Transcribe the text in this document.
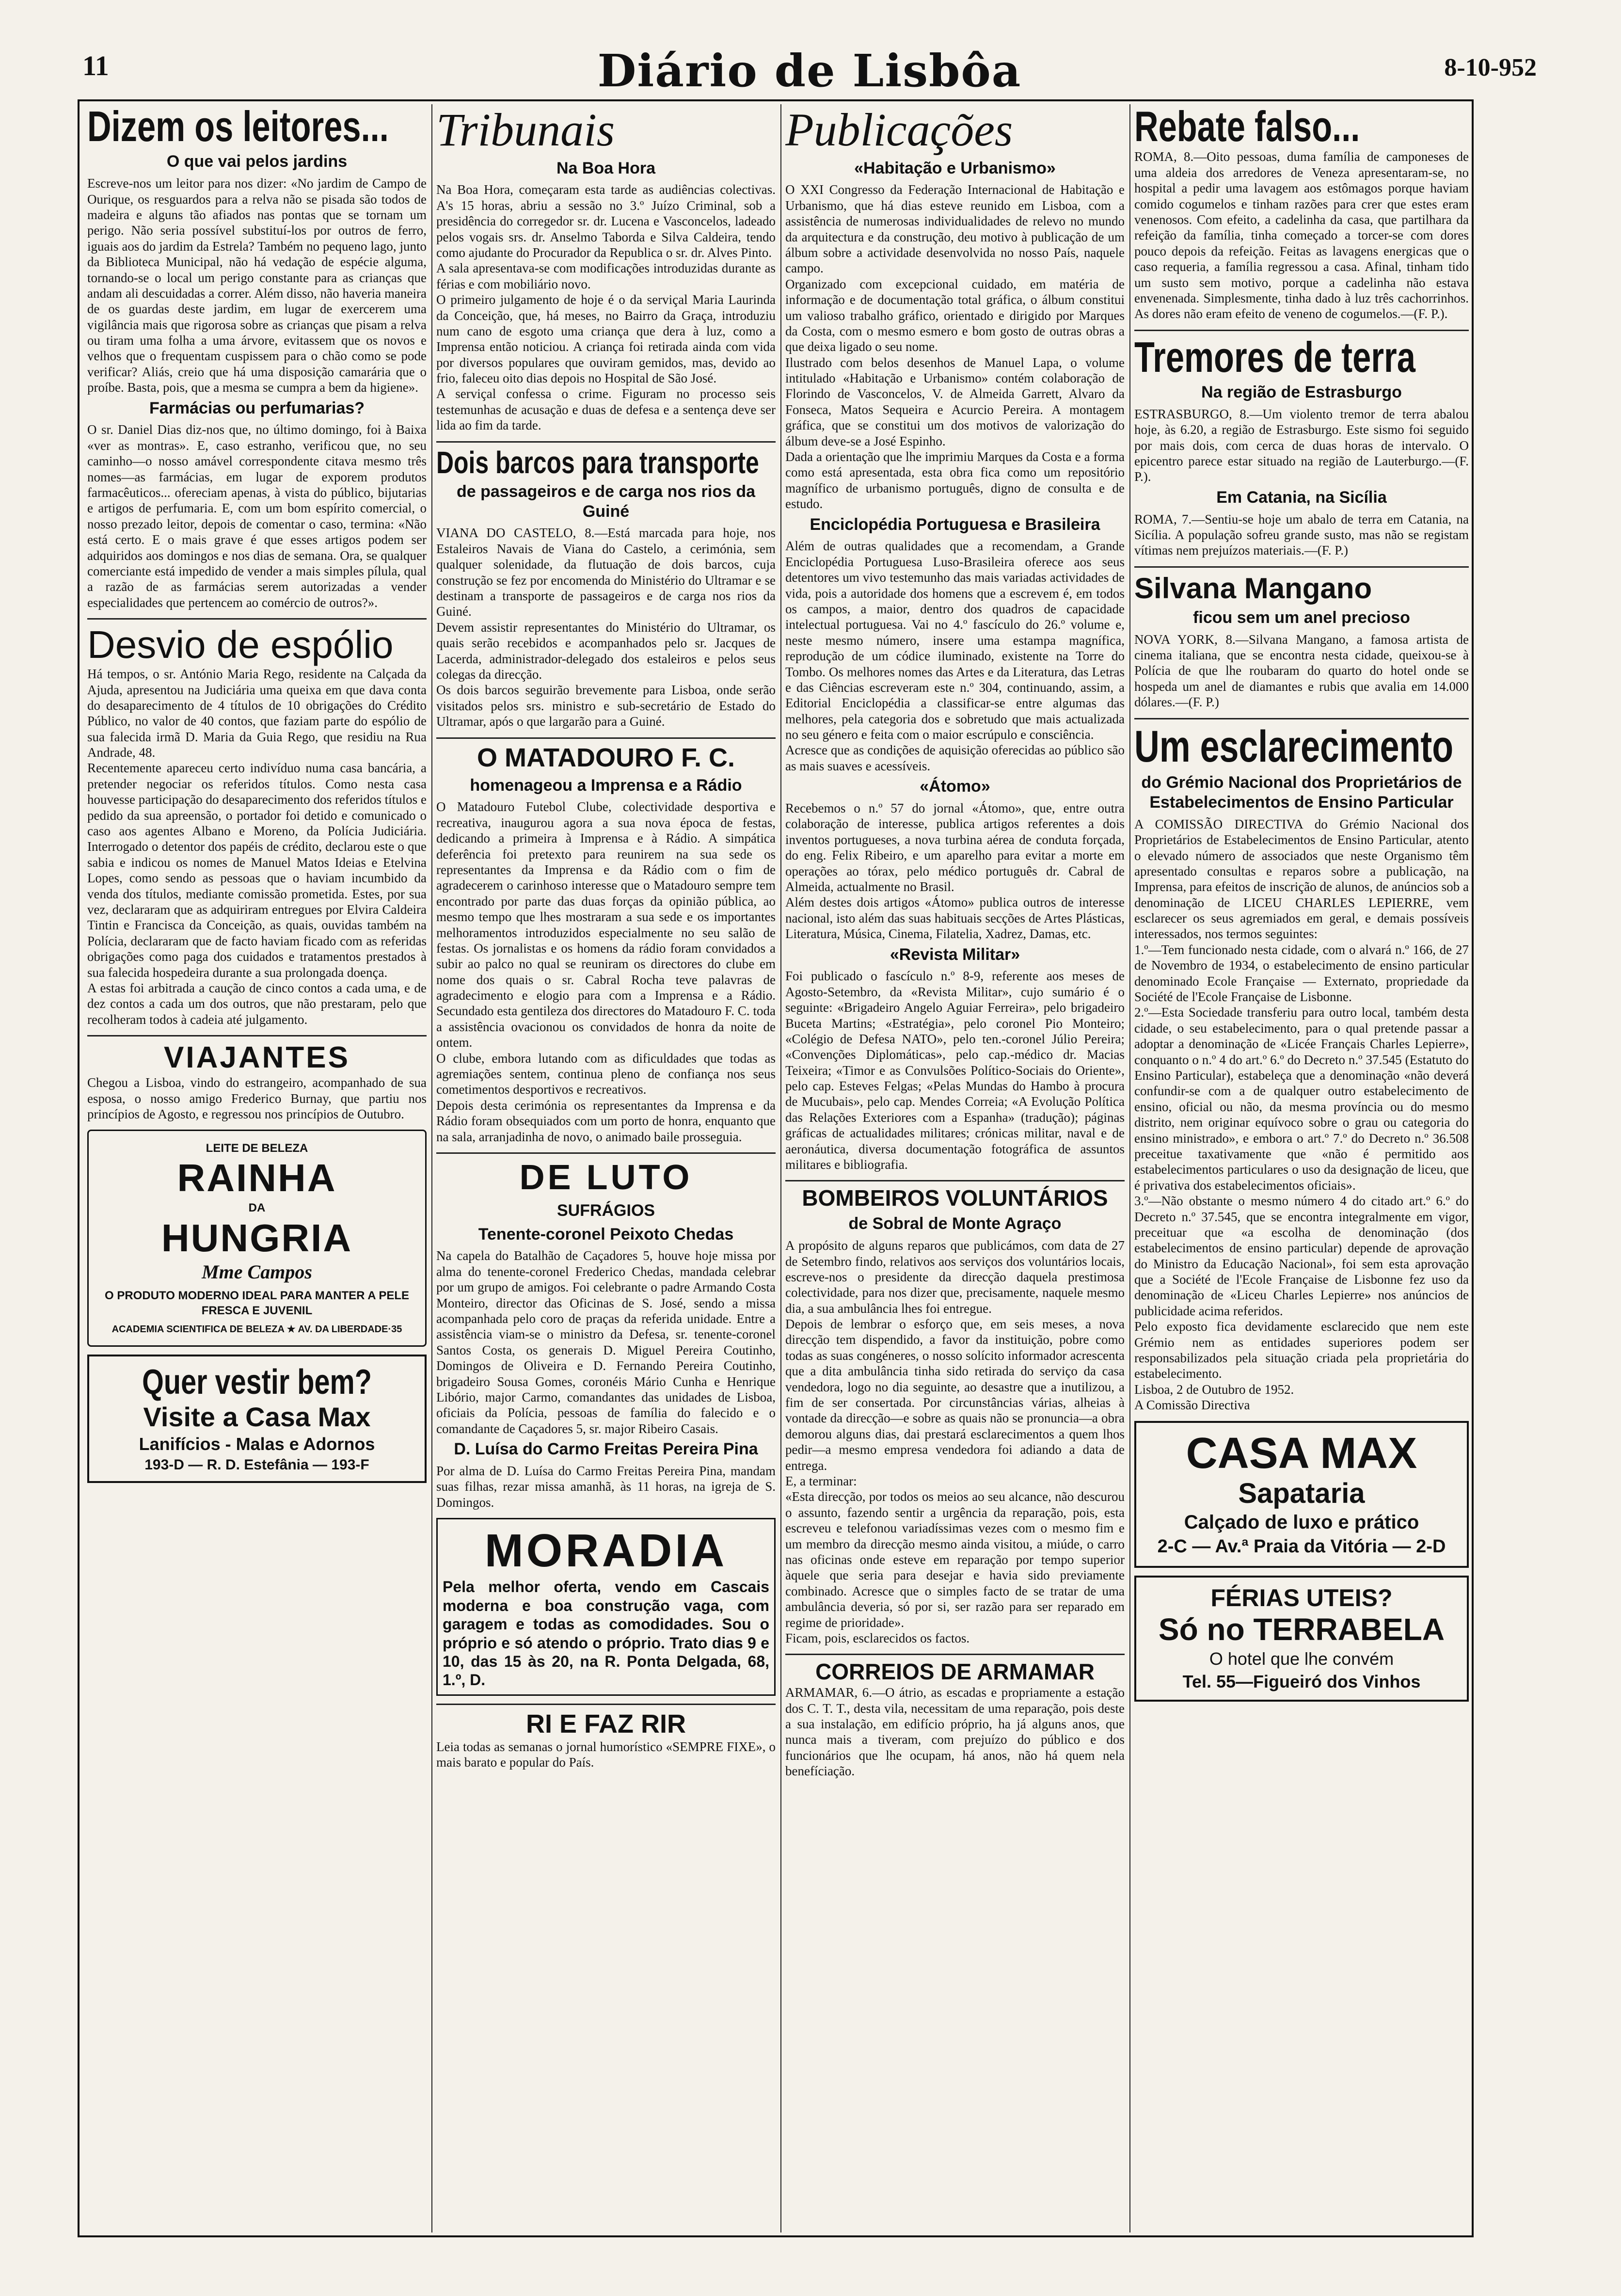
11	Diário de Lisbôa	8-10-952
Dizem os leitores...
O que vai pelos jardins
Escreve-nos um leitor para nos dizer: «No jardim de Campo de Ourique, os resguardos para a relva não se pisada são todos de madeira e alguns tão afiados nas pontas que se tornam um perigo. Não seria possível substituí-los por outros de ferro, iguais aos do jardim da Estrela? Também no pequeno lago, junto da Biblioteca Municipal, não há vedação de espécie alguma, tornando-se o local um perigo constante para as crianças que andam ali descuidadas a correr. Além disso, não haveria maneira de os guardas deste jardim, em lugar de exercerem uma vigilância mais que rigorosa sobre as crianças que pisam a relva ou tiram uma folha a uma árvore, evitassem que os novos e velhos que o frequentam cuspissem para o chão como se pode verificar? Aliás, creio que há uma disposição camarária que o proíbe. Basta, pois, que a mesma se cumpra a bem da higiene».
Farmácias ou perfumarias?
O sr. Daniel Dias diz-nos que, no último domingo, foi à Baixa «ver as montras». E, caso estranho, verificou que, no seu caminho—o nosso amável correspondente citava mesmo três nomes—as farmácias, em lugar de exporem produtos farmacêuticos... ofereciam apenas, à vista do público, bijutarias e artigos de perfumaria. E, com um bom espírito comercial, o nosso prezado leitor, depois de comentar o caso, termina: «Não está certo. E o mais grave é que esses artigos podem ser adquiridos aos domingos e nos dias de semana. Ora, se qualquer comerciante está impedido de vender a mais simples pílula, qual a razão de as farmácias serem autorizadas a vender especialidades que pertencem ao comércio de outros?».
Desvio de espólio
Há tempos, o sr. António Maria Rego, residente na Calçada da Ajuda, apresentou na Judiciária uma queixa em que dava conta do desaparecimento de 4 títulos de 10 obrigações do Crédito Público, no valor de 40 contos, que faziam parte do espólio de sua falecida irmã D. Maria da Guia Rego, que residiu na Rua Andrade, 48.
Recentemente apareceu certo indivíduo numa casa bancária, a pretender negociar os referidos títulos. Como nesta casa houvesse participação do desaparecimento dos referidos títulos e pedido da sua apreensão, o portador foi detido e comunicado o caso aos agentes Albano e Moreno, da Polícia Judiciária. Interrogado o detentor dos papéis de crédito, declarou este o que sabia e indicou os nomes de Manuel Matos Ideias e Etelvina Lopes, como sendo as pessoas que o haviam incumbido da venda dos títulos, mediante comissão prometida. Estes, por sua vez, declararam que as adquiriram entregues por Elvira Caldeira Tintin e Francisca da Conceição, as quais, ouvidas também na Polícia, declararam que de facto haviam ficado com as referidas obrigações como paga dos cuidados e tratamentos prestados à sua falecida hospedeira durante a sua prolongada doença.
A estas foi arbitrada a caução de cinco contos a cada uma, e de dez contos a cada um dos outros, que não prestaram, pelo que recolheram todos à cadeia até julgamento.
VIAJANTES
Chegou a Lisboa, vindo do estrangeiro, acompanhado de sua esposa, o nosso amigo Frederico Burnay, que partiu nos princípios de Agosto, e regressou nos princípios de Outubro.
LEITE DE BELEZA
RAINHA
DA
HUNGRIA
Mme Campos
O PRODUTO MODERNO IDEAL PARA MANTER A PELE FRESCA E JUVENIL
ACADEMIA SCIENTIFICA DE BELEZA ★ AV. DA LIBERDADE·35
Quer vestir bem?
Visite a Casa Max
Lanifícios - Malas e Adornos
193-D — R. D. Estefânia — 193-F
Tribunais
Na Boa Hora
Na Boa Hora, começaram esta tarde as audiências colectivas. A's 15 horas, abriu a sessão no 3.º Juízo Criminal, sob a presidência do corregedor sr. dr. Lucena e Vasconcelos, ladeado pelos vogais srs. dr. Anselmo Taborda e Silva Caldeira, tendo como ajudante do Procurador da Republica o sr. dr. Alves Pinto.
A sala apresentava-se com modificações introduzidas durante as férias e com mobiliário novo.
O primeiro julgamento de hoje é o da serviçal Maria Laurinda da Conceição, que, há meses, no Bairro da Graça, introduziu num cano de esgoto uma criança que dera à luz, como a Imprensa então noticiou. A criança foi retirada ainda com vida por diversos populares que ouviram gemidos, mas, devido ao frio, faleceu oito dias depois no Hospital de São José.
A serviçal confessa o crime. Figuram no processo seis testemunhas de acusação e duas de defesa e a sentença deve ser lida ao fim da tarde.
Dois barcos para transporte
de passageiros e de carga nos rios da Guiné
VIANA DO CASTELO, 8.—Está marcada para hoje, nos Estaleiros Navais de Viana do Castelo, a cerimónia, sem qualquer solenidade, da flutuação de dois barcos, cuja construção se fez por encomenda do Ministério do Ultramar e se destinam a transporte de passageiros e de carga nos rios da Guiné.
Devem assistir representantes do Ministério do Ultramar, os quais serão recebidos e acompanhados pelo sr. Jacques de Lacerda, administrador-delegado dos estaleiros e pelos seus colegas da direcção.
Os dois barcos seguirão brevemente para Lisboa, onde serão visitados pelos srs. ministro e sub-secretário de Estado do Ultramar, após o que largarão para a Guiné.
O MATADOURO F. C.
homenageou a Imprensa e a Rádio
O Matadouro Futebol Clube, colectividade desportiva e recreativa, inaugurou agora a sua nova época de festas, dedicando a primeira à Imprensa e à Rádio. A simpática deferência foi pretexto para reunirem na sua sede os representantes da Imprensa e da Rádio com o fim de agradecerem o carinhoso interesse que o Matadouro sempre tem encontrado por parte das duas forças da opinião pública, ao mesmo tempo que lhes mostraram a sua sede e os importantes melhoramentos introduzidos especialmente no seu salão de festas. Os jornalistas e os homens da rádio foram convidados a subir ao palco no qual se reuniram os directores do clube em nome dos quais o sr. Cabral Rocha teve palavras de agradecimento e elogio para com a Imprensa e a Rádio. Secundado esta gentileza dos directores do Matadouro F. C. toda a assistência ovacionou os convidados de honra da noite de ontem.
O clube, embora lutando com as dificuldades que todas as agremiações sentem, continua pleno de confiança nos seus cometimentos desportivos e recreativos.
Depois desta cerimónia os representantes da Imprensa e da Rádio foram obsequiados com um porto de honra, enquanto que na sala, arranjadinha de novo, o animado baile prosseguia.
DE LUTO
SUFRÁGIOS
Tenente-coronel Peixoto Chedas
Na capela do Batalhão de Caçadores 5, houve hoje missa por alma do tenente-coronel Frederico Chedas, mandada celebrar por um grupo de amigos. Foi celebrante o padre Armando Costa Monteiro, director das Oficinas de S. José, sendo a missa acompanhada pelo coro de praças da referida unidade. Entre a assistência viam-se o ministro da Defesa, sr. tenente-coronel Santos Costa, os generais D. Miguel Pereira Coutinho, Domingos de Oliveira e D. Fernando Pereira Coutinho, brigadeiro Sousa Gomes, coronéis Mário Cunha e Henrique Libório, major Carmo, comandantes das unidades de Lisboa, oficiais da Polícia, pessoas de família do falecido e o comandante de Caçadores 5, sr. major Ribeiro Casais.
D. Luísa do Carmo Freitas Pereira Pina
Por alma de D. Luísa do Carmo Freitas Pereira Pina, mandam suas filhas, rezar missa amanhã, às 11 horas, na igreja de S. Domingos.
MORADIA
Pela melhor oferta, vendo em Cascais moderna e boa construção vaga, com garagem e todas as comodidades. Sou o próprio e só atendo o próprio. Trato dias 9 e 10, das 15 às 20, na R. Ponta Delgada, 68, 1.º, D.
RI E FAZ RIR
Leia todas as semanas o jornal humorístico «SEMPRE FIXE», o mais barato e popular do País.
Publicações
«Habitação e Urbanismo»
O XXI Congresso da Federação Internacional de Habitação e Urbanismo, que há dias esteve reunido em Lisboa, com a assistência de numerosas individualidades de relevo no mundo da arquitectura e da construção, deu motivo à publicação de um álbum sobre a actividade desenvolvida no nosso País, naquele campo.
Organizado com excepcional cuidado, em matéria de informação e de documentação total gráfica, o álbum constitui um valioso trabalho gráfico, orientado e dirigido por Marques da Costa, com o mesmo esmero e bom gosto de outras obras a que deixa ligado o seu nome.
Ilustrado com belos desenhos de Manuel Lapa, o volume intitulado «Habitação e Urbanismo» contém colaboração de Florindo de Vasconcelos, V. de Almeida Garrett, Alvaro da Fonseca, Matos Sequeira e Acurcio Pereira. A montagem gráfica, que se constitui um dos motivos de valorização do álbum deve-se a José Espinho.
Dada a orientação que lhe imprimiu Marques da Costa e a forma como está apresentada, esta obra fica como um repositório magnífico de urbanismo português, digno de consulta e de estudo.
Enciclopédia Portuguesa e Brasileira
Além de outras qualidades que a recomendam, a Grande Enciclopédia Portuguesa Luso-Brasileira oferece aos seus detentores um vivo testemunho das mais variadas actividades de vida, pois a autoridade dos homens que a escrevem é, em todos os campos, a maior, dentro dos quadros de capacidade intelectual portuguesa. Vai no 4.º fascículo do 26.º volume e, neste mesmo número, insere uma estampa magnífica, reprodução de um códice iluminado, existente na Torre do Tombo. Os melhores nomes das Artes e da Literatura, das Letras e das Ciências escreveram este n.º 304, continuando, assim, a Editorial Enciclopédia a classificar-se entre algumas das melhores, pela categoria dos e sobretudo que mais actualizada no seu género e feita com o maior escrúpulo e consciência.
Acresce que as condições de aquisição oferecidas ao público são as mais suaves e acessíveis.
«Átomo»
Recebemos o n.º 57 do jornal «Átomo», que, entre outra colaboração de interesse, publica artigos referentes a dois inventos portugueses, a nova turbina aérea de conduta forçada, do eng. Felix Ribeiro, e um aparelho para evitar a morte em operações ao tórax, pelo médico português dr. Cabral de Almeida, actualmente no Brasil.
Além destes dois artigos «Átomo» publica outros de interesse nacional, isto além das suas habituais secções de Artes Plásticas, Literatura, Música, Cinema, Filatelia, Xadrez, Damas, etc.
«Revista Militar»
Foi publicado o fascículo n.º 8-9, referente aos meses de Agosto-Setembro, da «Revista Militar», cujo sumário é o seguinte: «Brigadeiro Angelo Aguiar Ferreira», pelo brigadeiro Buceta Martins; «Estratégia», pelo coronel Pio Monteiro; «Colégio de Defesa NATO», pelo ten.-coronel Júlio Pereira; «Convenções Diplomáticas», pelo cap.-médico dr. Macias Teixeira; «Timor e as Convulsões Político-Sociais do Oriente», pelo cap. Esteves Felgas; «Pelas Mundas do Hambo à procura de Mucubais», pelo cap. Mendes Correia; «A Evolução Política das Relações Exteriores com a Espanha» (tradução); páginas gráficas de actualidades militares; crónicas militar, naval e de aeronáutica, diversa documentação fotográfica de assuntos militares e bibliografia.
BOMBEIROS VOLUNTÁRIOS
de Sobral de Monte Agraço
A propósito de alguns reparos que publicámos, com data de 27 de Setembro findo, relativos aos serviços dos voluntários locais, escreve-nos o presidente da direcção daquela prestimosa colectividade, para nos dizer que, precisamente, naquele mesmo dia, a sua ambulância lhes foi entregue.
Depois de lembrar o esforço que, em seis meses, a nova direcção tem dispendido, a favor da instituição, pobre como todas as suas congéneres, o nosso solícito informador acrescenta que a dita ambulância tinha sido retirada do serviço da casa vendedora, logo no dia seguinte, ao desastre que a inutilizou, a fim de ser consertada. Por circunstâncias várias, alheias à vontade da direcção—e sobre as quais não se pronuncia—a obra demorou alguns dias, dai prestará esclarecimentos a quem lhos pedir—a mesmo empresa vendedora foi adiando a data de entrega.
E, a terminar:
«Esta direcção, por todos os meios ao seu alcance, não descurou o assunto, fazendo sentir a urgência da reparação, pois, esta escreveu e telefonou variadíssimas vezes com o mesmo fim e um membro da direcção mesmo ainda visitou, a miúde, o carro nas oficinas onde esteve em reparação por tempo superior àquele que seria para desejar e havia sido previamente combinado. Acresce que o simples facto de se tratar de uma ambulância deveria, só por si, ser razão para ser reparado em regime de prioridade».
Ficam, pois, esclarecidos os factos.
CORREIOS DE ARMAMAR
ARMAMAR, 6.—O átrio, as escadas e propriamente a estação dos C. T. T., desta vila, necessitam de uma reparação, pois deste a sua instalação, em edifício próprio, ha já alguns anos, que nunca mais a tiveram, com prejuízo do público e dos funcionários que lhe ocupam, há anos, não há quem nela benefíciação.
Rebate falso...
ROMA, 8.—Oito pessoas, duma família de camponeses de uma aldeia dos arredores de Veneza apresentaram-se, no hospital a pedir uma lavagem aos estômagos porque haviam comido cogumelos e tinham razões para crer que estes eram venenosos. Com efeito, a cadelinha da casa, que partilhara da refeição da família, tinha começado a torcer-se com dores pouco depois da refeição. Feitas as lavagens energicas que o caso requeria, a família regressou a casa. Afinal, tinham tido um susto sem motivo, porque a cadelinha não estava envenenada. Simplesmente, tinha dado à luz três cachorrinhos. As dores não eram efeito de veneno de cogumelos.—(F. P.).
Tremores de terra
Na região de Estrasburgo
ESTRASBURGO, 8.—Um violento tremor de terra abalou hoje, às 6.20, a região de Estrasburgo. Este sismo foi seguido por mais dois, com cerca de duas horas de intervalo. O epicentro parece estar situado na região de Lauterburgo.—(F. P.).
Em Catania, na Sicília
ROMA, 7.—Sentiu-se hoje um abalo de terra em Catania, na Sicília. A população sofreu grande susto, mas não se registam vítimas nem prejuízos materiais.—(F. P.)
Silvana Mangano
ficou sem um anel precioso
NOVA YORK, 8.—Silvana Mangano, a famosa artista de cinema italiana, que se encontra nesta cidade, queixou-se à Polícia de que lhe roubaram do quarto do hotel onde se hospeda um anel de diamantes e rubis que avalia em 14.000 dólares.—(F. P.)
Um esclarecimento
do Grémio Nacional dos Proprietários de Estabelecimentos de Ensino Particular
A COMISSÃO DIRECTIVA do Grémio Nacional dos Proprietários de Estabelecimentos de Ensino Particular, atento o elevado número de associados que neste Organismo têm apresentado consultas e reparos sobre a publicação, na Imprensa, para efeitos de inscrição de alunos, de anúncios sob a denominação de LICEU CHARLES LEPIERRE, vem esclarecer os seus agremiados em geral, e demais possíveis interessados, nos termos seguintes:
1.º—Tem funcionado nesta cidade, com o alvará n.º 166, de 27 de Novembro de 1934, o estabelecimento de ensino particular denominado Ecole Française — Externato, propriedade da Société de l'Ecole Française de Lisbonne.
2.º—Esta Sociedade transferiu para outro local, também desta cidade, o seu estabelecimento, para o qual pretende passar a adoptar a denominação de «Licée Français Charles Lepierre», conquanto o n.º 4 do art.º 6.º do Decreto n.º 37.545 (Estatuto do Ensino Particular), estabeleça que a denominação «não deverá confundir-se com a de qualquer outro estabelecimento de ensino, oficial ou não, da mesma província ou do mesmo distrito, nem originar equívoco sobre o grau ou categoria do ensino ministrado», e embora o art.º 7.º do Decreto n.º 36.508 preceitue taxativamente que «não é permitido aos estabelecimentos particulares o uso da designação de liceu, que é privativa dos estabelecimentos oficiais».
3.º—Não obstante o mesmo número 4 do citado art.º 6.º do Decreto n.º 37.545, que se encontra integralmente em vigor, preceituar que «a escolha de denominação (dos estabelecimentos de ensino particular) depende de aprovação do Ministro da Educação Nacional», foi sem esta aprovação que a Société de l'Ecole Française de Lisbonne fez uso da denominação de «Liceu Charles Lepierre» nos anúncios de publicidade acima referidos.
Pelo exposto fica devidamente esclarecido que nem este Grémio nem as entidades superiores podem ser responsabilizados pela situação criada pela proprietária do estabelecimento.
Lisboa, 2 de Outubro de 1952.
A Comissão Directiva
CASA MAX
Sapataria
Calçado de luxo e prático
2-C — Av.ª Praia da Vitória — 2-D
FÉRIAS UTEIS?
Só no TERRABELA
O hotel que lhe convém
Tel. 55—Figueiró dos Vinhos
